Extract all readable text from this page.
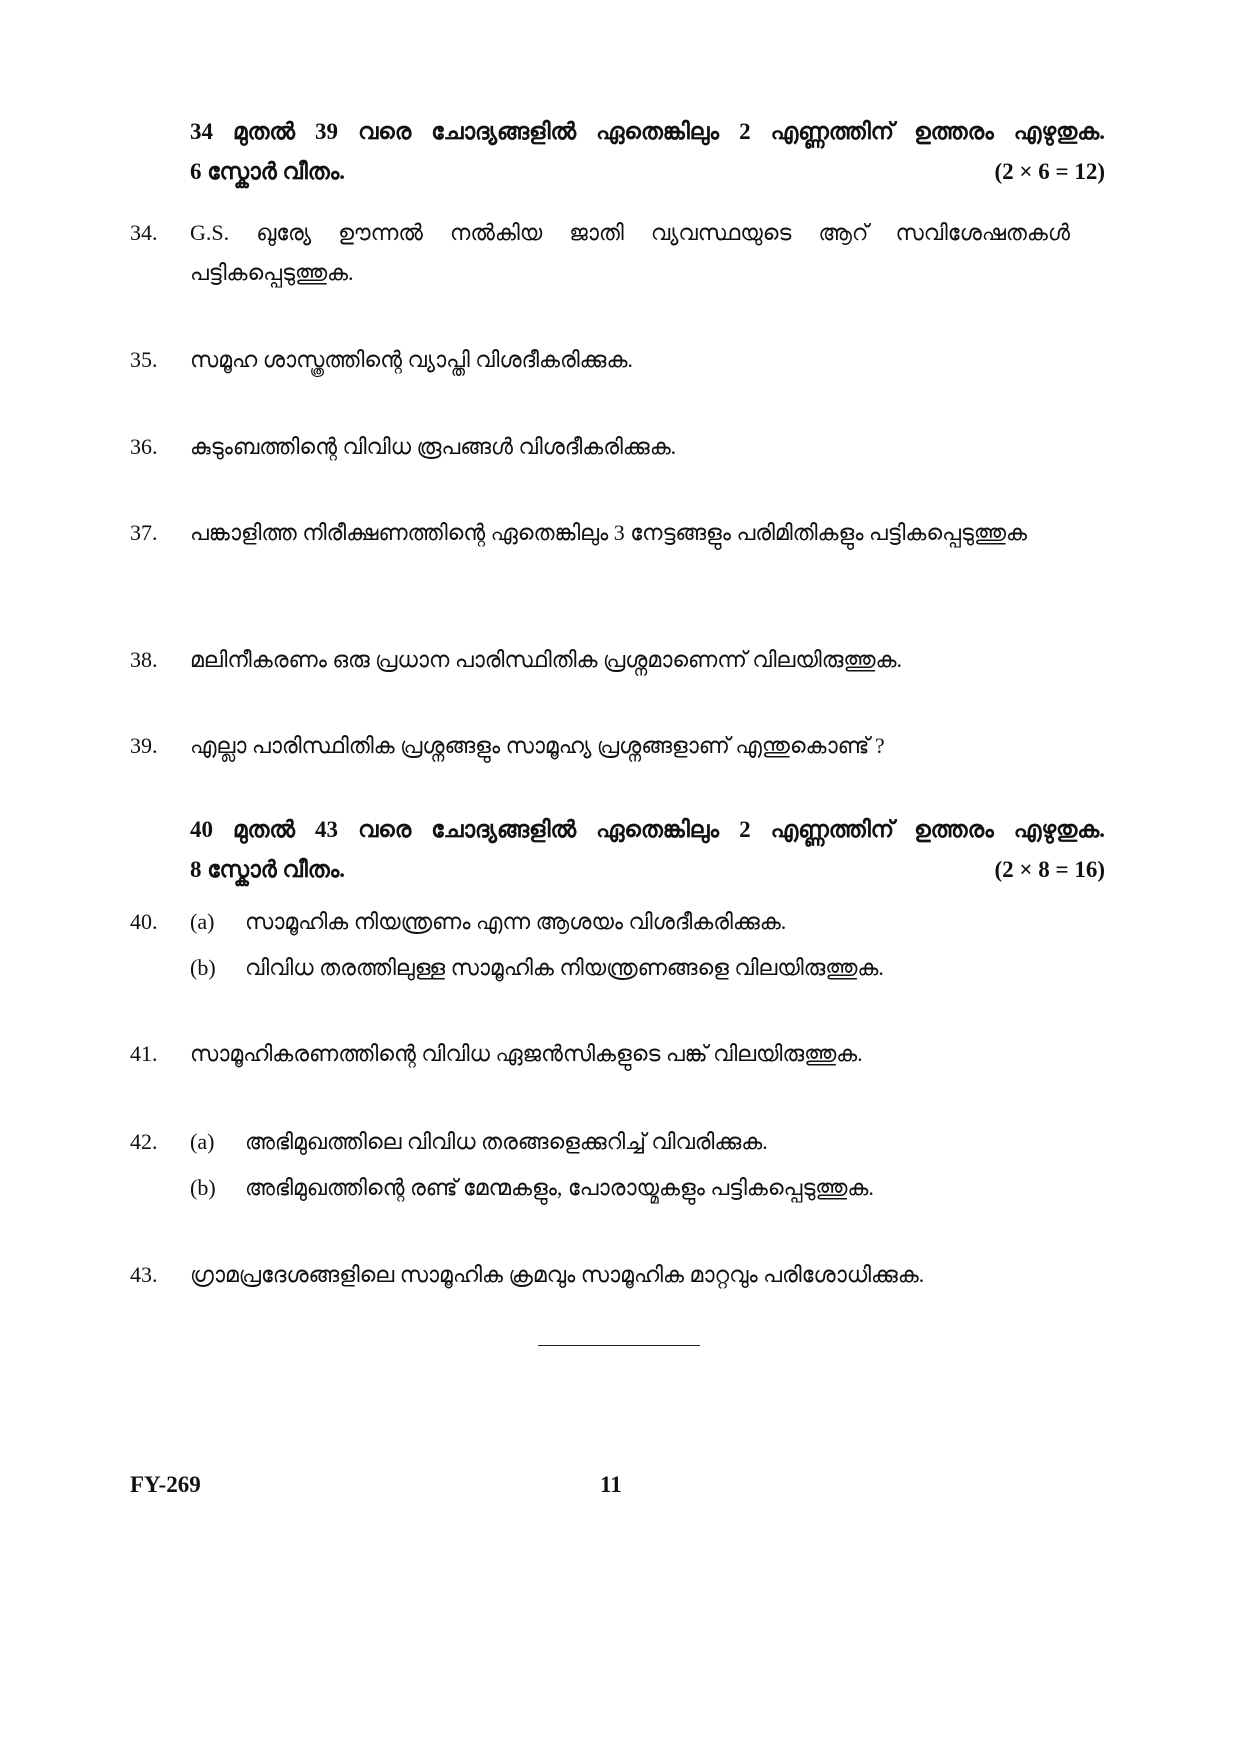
34 മുതൽ 39 വരെ ചോദ്യങ്ങളിൽ ഏതെങ്കിലും 2 എണ്ണത്തിന് ഉത്തരം എഴുതുക.
6 സ്കോർ വീതം.	(2 × 6 = 12)
34.	G.S. ഖുര്യേ ഊന്നൽ നൽകിയ ജാതി വ്യവസ്ഥയുടെ ആറ് സവിശേഷതകൾ പട്ടികപ്പെടുത്തുക.
35.	സമൂഹ ശാസ്ത്രത്തിന്റെ വ്യാപ്തി വിശദീകരിക്കുക.
36.	കുടുംബത്തിന്റെ വിവിധ രൂപങ്ങൾ വിശദീകരിക്കുക.
37.	പങ്കാളിത്ത നിരീക്ഷണത്തിന്റെ ഏതെങ്കിലും 3 നേട്ടങ്ങളും പരിമിതികളും പട്ടികപ്പെടുത്തുക
38.	മലിനീകരണം ഒരു പ്രധാന പാരിസ്ഥിതിക പ്രശ്നമാണെന്ന് വിലയിരുത്തുക.
39.	എല്ലാ പാരിസ്ഥിതിക പ്രശ്നങ്ങളും സാമൂഹ്യ പ്രശ്നങ്ങളാണ് എന്തുകൊണ്ട് ?
40 മുതൽ 43 വരെ ചോദ്യങ്ങളിൽ ഏതെങ്കിലും 2 എണ്ണത്തിന് ഉത്തരം എഴുതുക.
8 സ്കോർ വീതം.	(2 × 8 = 16)
40.	(a)	സാമൂഹിക നിയന്ത്രണം എന്ന ആശയം വിശദീകരിക്കുക.
(b)	വിവിധ തരത്തിലുള്ള സാമൂഹിക നിയന്ത്രണങ്ങളെ വിലയിരുത്തുക.
41.	സാമൂഹികരണത്തിന്റെ വിവിധ ഏജൻസികളുടെ പങ്ക് വിലയിരുത്തുക.
42.	(a)	അഭിമുഖത്തിലെ വിവിധ തരങ്ങളെക്കുറിച്ച് വിവരിക്കുക.
(b)	അഭിമുഖത്തിന്റെ രണ്ട് മേന്മകളും, പോരായ്മകളും പട്ടികപ്പെടുത്തുക.
43.	ഗ്രാമപ്രദേശങ്ങളിലെ സാമൂഹിക ക്രമവും സാമൂഹിക മാറ്റവും പരിശോധിക്കുക.
FY-269	11
